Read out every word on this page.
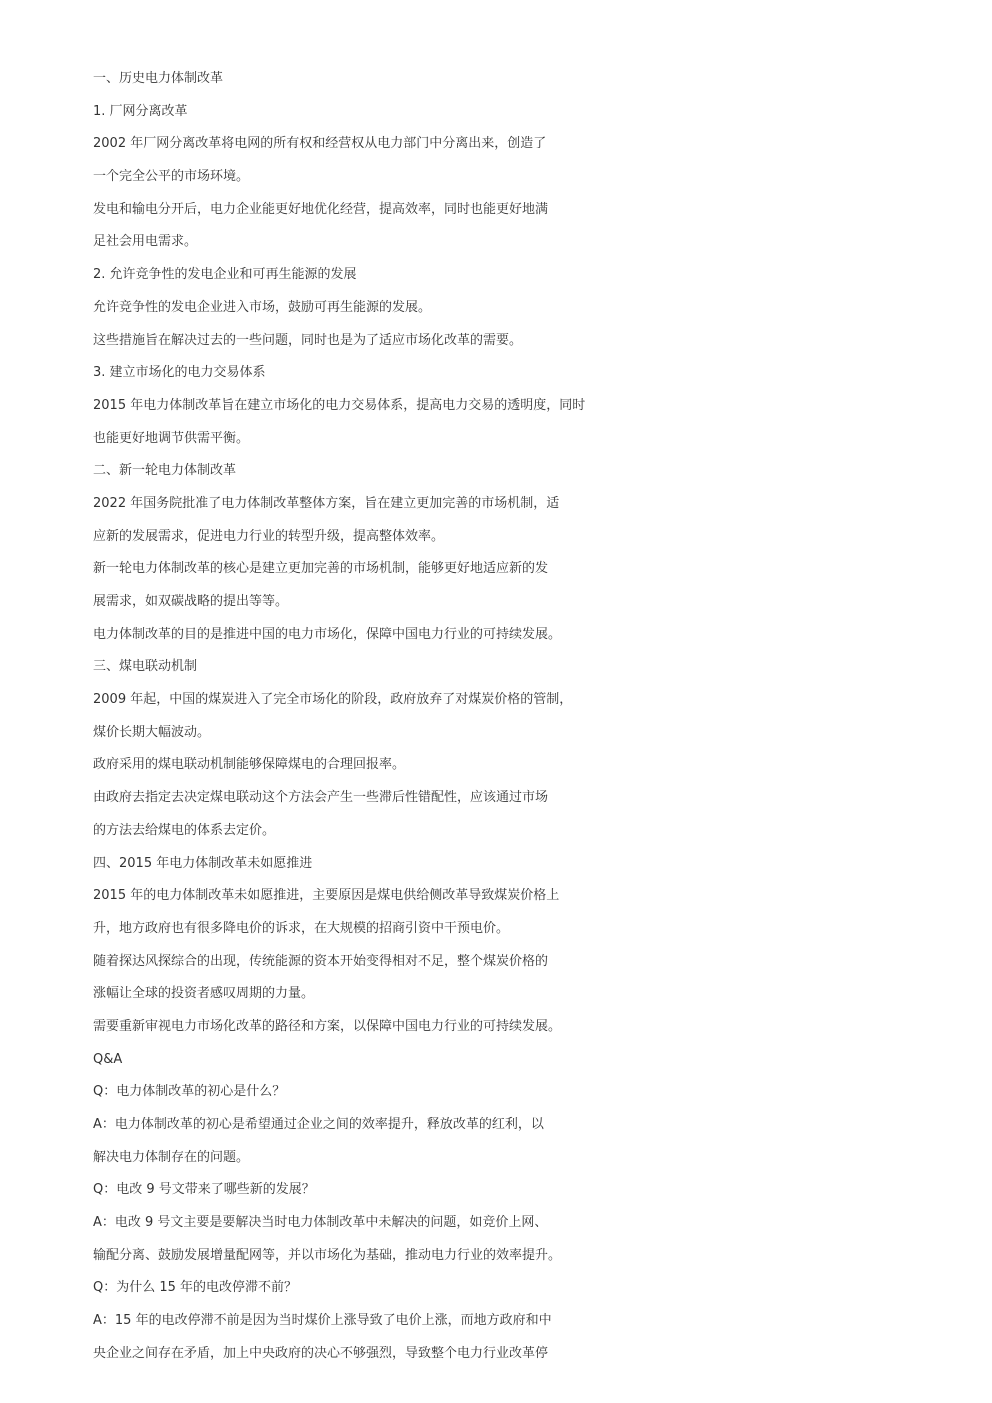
一、历史电力体制改革
1. 厂网分离改革
2002 年厂网分离改革将电网的所有权和经营权从电力部门中分离出来，创造了
一个完全公平的市场环境。
发电和输电分开后，电力企业能更好地优化经营，提高效率，同时也能更好地满
足社会用电需求。
2. 允许竞争性的发电企业和可再生能源的发展
允许竞争性的发电企业进入市场，鼓励可再生能源的发展。
这些措施旨在解决过去的一些问题，同时也是为了适应市场化改革的需要。
3. 建立市场化的电力交易体系
2015 年电力体制改革旨在建立市场化的电力交易体系，提高电力交易的透明度，同时
也能更好地调节供需平衡。
二、新一轮电力体制改革
2022 年国务院批准了电力体制改革整体方案，旨在建立更加完善的市场机制，适
应新的发展需求，促进电力行业的转型升级，提高整体效率。
新一轮电力体制改革的核心是建立更加完善的市场机制，能够更好地适应新的发
展需求，如双碳战略的提出等等。
电力体制改革的目的是推进中国的电力市场化，保障中国电力行业的可持续发展。
三、煤电联动机制
2009 年起，中国的煤炭进入了完全市场化的阶段，政府放弃了对煤炭价格的管制，
煤价长期大幅波动。
政府采用的煤电联动机制能够保障煤电的合理回报率。
由政府去指定去决定煤电联动这个方法会产生一些滞后性错配性，应该通过市场
的方法去给煤电的体系去定价。
四、2015 年电力体制改革未如愿推进
2015 年的电力体制改革未如愿推进，主要原因是煤电供给侧改革导致煤炭价格上
升，地方政府也有很多降电价的诉求，在大规模的招商引资中干预电价。
随着探达风探综合的出现，传统能源的资本开始变得相对不足，整个煤炭价格的
涨幅让全球的投资者感叹周期的力量。
需要重新审视电力市场化改革的路径和方案，以保障中国电力行业的可持续发展。
Q&A
Q：电力体制改革的初心是什么？
A：电力体制改革的初心是希望通过企业之间的效率提升，释放改革的红利，以
解决电力体制存在的问题。
Q：电改 9 号文带来了哪些新的发展？
A：电改 9 号文主要是要解决当时电力体制改革中未解决的问题，如竞价上网、
输配分离、鼓励发展增量配网等，并以市场化为基础，推动电力行业的效率提升。
Q：为什么 15 年的电改停滞不前？
A：15 年的电改停滞不前是因为当时煤价上涨导致了电价上涨，而地方政府和中
央企业之间存在矛盾，加上中央政府的决心不够强烈，导致整个电力行业改革停
